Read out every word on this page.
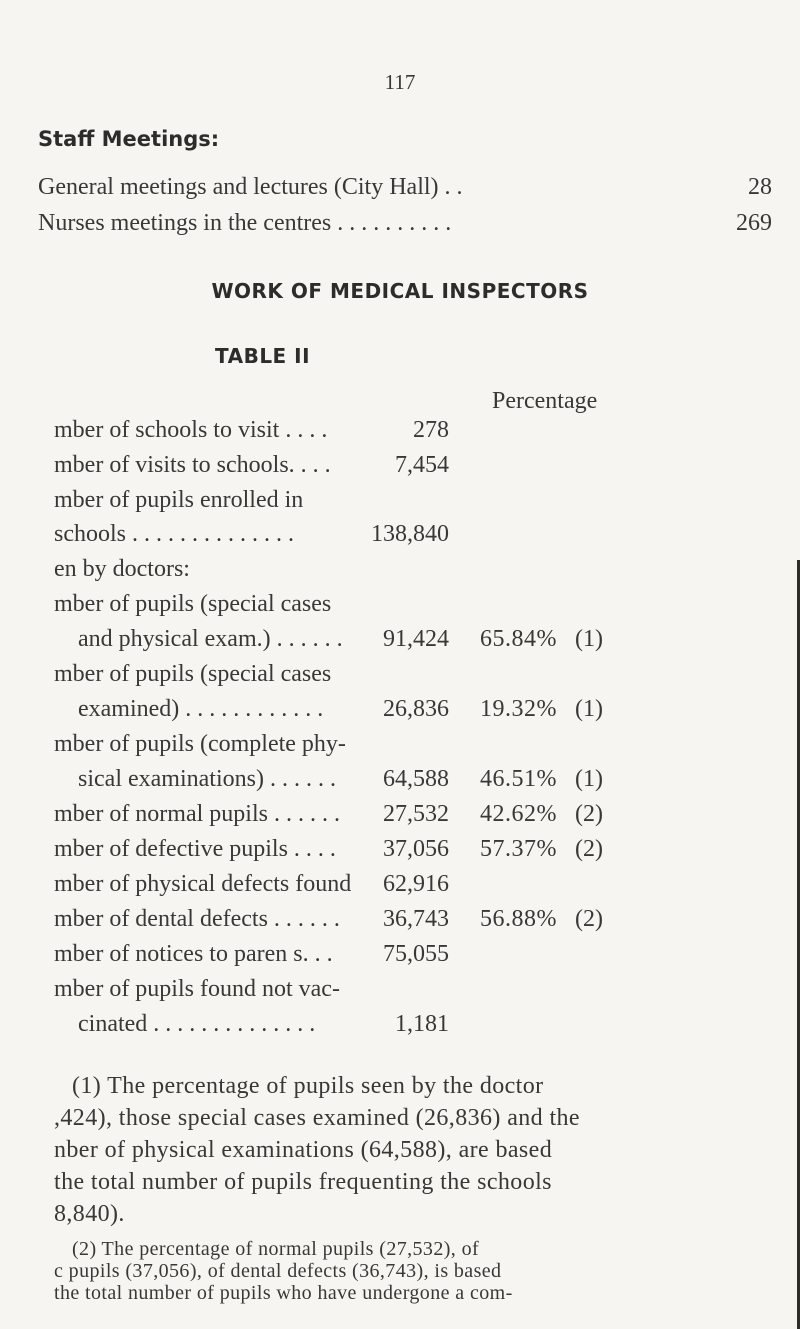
117
Staff Meetings:
General meetings and lectures (City Hall) . .	28
Nurses meetings in the centres . . . . . . . . . .	269
WORK OF MEDICAL INSPECTORS
TABLE II
Percentage
mber of schools to visit . . . .	278
mber of visits to schools. . . .	7,454
mber of pupils enrolled in
schools . . . . . . . . . . . . . .	138,840
en by doctors:
mber of pupils (special cases
and physical exam.) . . . . . . 91,424 65.84% (1)
mber of pupils (special cases
examined) . . . . . . . . . . . . 26,836 19.32% (1)
mber of pupils (complete phy-
sical examinations) . . . . . . 64,588 46.51% (1)
mber of normal pupils . . . . . . 27,532 42.62% (2)
mber of defective pupils . . . . 37,056 57.37% (2)
mber of physical defects found 62,916
mber of dental defects . . . . . . 36,743 56.88% (2)
mber of notices to paren s. . . 75,055
mber of pupils found not vac-
cinated . . . . . . . . . . . . . .	1,181
(1) The percentage of pupils seen by the doctor
,424), those special cases examined (26,836) and the
nber of physical examinations (64,588), are based
the total number of pupils frequenting the schools
8,840).
(2) The percentage of normal pupils (27,532), of
c pupils (37,056), of dental defects (36,743), is based
the total number of pupils who have undergone a com-
